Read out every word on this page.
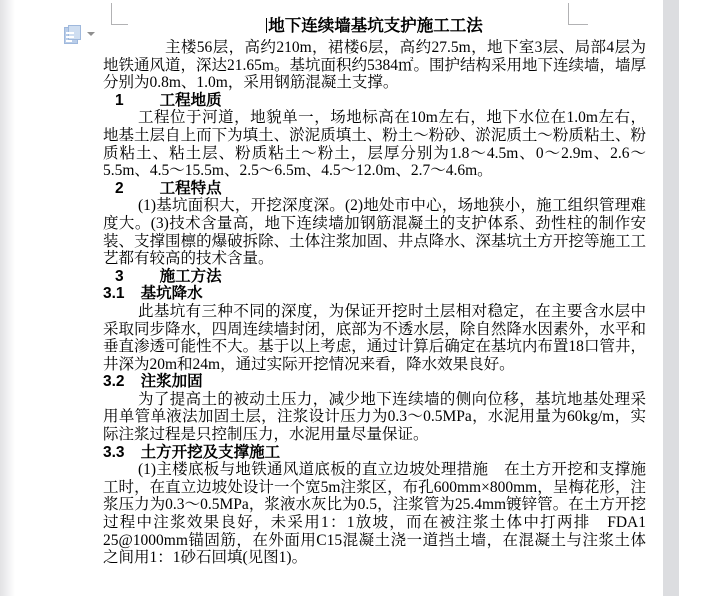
地下连续墙基坑支护施工工法

主楼56层，高约210m，裙楼6层，高约27.5m，地下室3层、局部4层为地铁通风道，深达21.65m。基坑面积约5384㎡。围护结构采用地下连续墙，墙厚分别为0.8m、1.0m，采用钢筋混凝土支撑。

1 工程地质

工程位于河道，地貌单一，场地标高在10m左右，地下水位在1.0m左右，地基土层自上而下为填土、淤泥质填土、粉土～粉砂、淤泥质土～粉质粘土、粉质粘土、粘土层、粉质粘土～粉土，层厚分别为1.8～4.5m、0～2.9m、2.6～5.5m、4.5～15.5m、2.5～6.5m、4.5～12.0m、2.7～4.6m。

2 工程特点

(1)基坑面积大，开挖深度深。(2)地处市中心，场地狭小，施工组织管理难度大。(3)技术含量高，地下连续墙加钢筋混凝土的支护体系、劲性柱的制作安装、支撑围檩的爆破拆除、土体注浆加固、井点降水、深基坑土方开挖等施工工艺都有较高的技术含量。

3 施工方法

3.1 基坑降水

此基坑有三种不同的深度，为保证开挖时土层相对稳定，在主要含水层中采取同步降水，四周连续墙封闭，底部为不透水层，除自然降水因素外，水平和垂直渗透可能性不大。基于以上考虑，通过计算后确定在基坑内布置18口管井，井深为20m和24m，通过实际开挖情况来看，降水效果良好。

3.2 注浆加固

为了提高土的被动土压力，减少地下连续墙的侧向位移，基坑地基处理采用单管单液法加固土层，注浆设计压力为0.3～0.5MPa，水泥用量为60kg/m，实际注浆过程是只控制压力，水泥用量尽量保证。

3.3 土方开挖及支撑施工

(1)主楼底板与地铁通风道底板的直立边坡处理措施　在土方开挖和支撑施工时，在直立边坡处设计一个宽5m注浆区，布孔600mm×800mm，呈梅花形，注浆压力为0.3～0.5MPa，浆液水灰比为0.5，注浆管为25.4mm镀锌管。在土方开挖过程中注浆效果良好，未采用1：1放坡，而在被注浆土体中打两排　FDA1　25@1000mm锚固筋，在外面用C15混凝土浇一道挡土墙，在混凝土与注浆土体之间用1：1砂石回填(见图1)。
